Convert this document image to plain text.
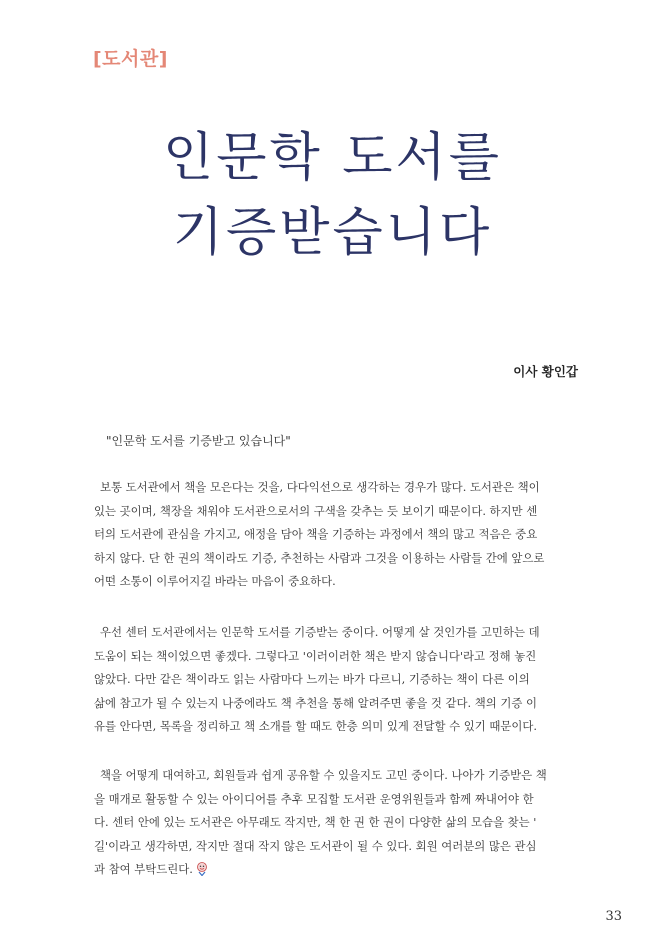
[도서관]
인문학 도서를
기증받습니다
이사 황인갑
"인문학 도서를 기증받고 있습니다"
보통 도서관에서 책을 모은다는 것을, 다다익선으로 생각하는 경우가 많다. 도서관은 책이
있는 곳이며, 책장을 채워야 도서관으로서의 구색을 갖추는 듯 보이기 때문이다. 하지만 센
터의 도서관에 관심을 가지고, 애정을 담아 책을 기증하는 과정에서 책의 많고 적음은 중요
하지 않다. 단 한 권의 책이라도 기증, 추천하는 사람과 그것을 이용하는 사람들 간에 앞으로
어떤 소통이 이루어지길 바라는 마음이 중요하다.
우선 센터 도서관에서는 인문학 도서를 기증받는 중이다. 어떻게 살 것인가를 고민하는 데
도움이 되는 책이었으면 좋겠다. 그렇다고 '이러이러한 책은 받지 않습니다'라고 정해 놓진
않았다. 다만 같은 책이라도 읽는 사람마다 느끼는 바가 다르니, 기증하는 책이 다른 이의
삶에 참고가 될 수 있는지 나중에라도 책 추천을 통해 알려주면 좋을 것 같다. 책의 기증 이
유를 안다면, 목록을 정리하고 책 소개를 할 때도 한층 의미 있게 전달할 수 있기 때문이다.
책을 어떻게 대여하고, 회원들과 쉽게 공유할 수 있을지도 고민 중이다. 나아가 기증받은 책
을 매개로 활동할 수 있는 아이디어를 추후 모집할 도서관 운영위원들과 함께 짜내어야 한
다. 센터 안에 있는 도서관은 아무래도 작지만, 책 한 권 한 권이 다양한 삶의 모습을 찾는 '
길'이라고 생각하면, 작지만 절대 작지 않은 도서관이 될 수 있다. 회원 여러분의 많은 관심
과 참여 부탁드린다.
33
